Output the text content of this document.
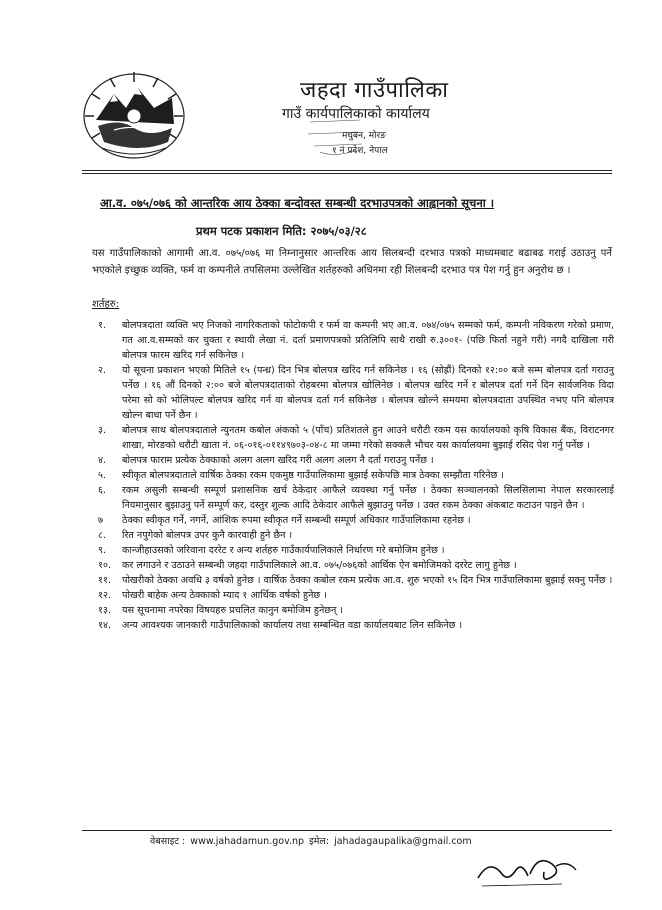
जहदा गाउँपालिका
गाउँ कार्यपालिकाको कार्यालय
मधुबन, मोरङ
१ नं प्रदेश, नेपाल
आ.व. ०७५/०७६ को आन्तरिक आय ठेक्का बन्दोवस्त सम्बन्धी दरभाउपत्रको आह्वानको सूचना ।
प्रथम पटक प्रकाशन मिति: २०७५/०३/२८
यस गाउँपालिकाको आगामी आ.व. ०७५/०७६ मा निम्नानुसार आन्तरिक आय सिलबन्दी दरभाउ पत्रको माध्यमबाट बढाबढ गराई उठाउनु पर्ने भएकोले इच्छुक व्यक्ति, फर्म वा कम्पनीले तपसिलमा उल्लेखित शर्तहरुको अधिनमा रही शिलबन्दी दरभाउ पत्र पेश गर्नु हुन अनुरोध छ ।
शर्तहरु:
१.	बोलपत्रदाता व्यक्ति भए निजको नागरिकताको फोटोकपी र फर्म वा कम्पनी भए आ.व. ०७४/०७५ सम्मको फर्म, कम्पनी नविकरण गरेको प्रमाण, गत आ.व.सम्मको कर चुक्ता र स्थायी लेखा नं. दर्ता प्रमाणपत्रको प्रतिलिपि साथै राखी रु.३००१- (पछि फिर्ता नहुने गरी) नगदै दाखिला गरी बोलपत्र फारम खरिद गर्न सकिनेछ ।
२.	यो सूचना प्रकाशन भएको मितिले १५ (पन्ध्र) दिन भित्र बोलपत्र खरिद गर्न सकिनेछ । १६ (सोह्रौं) दिनको १२:०० बजे सम्म बोलपत्र दर्ता गराउनु पर्नेछ । १६ औं दिनको २:०० बजे बोलपत्रदाताको रोहबरमा बोलपत्र खोलिनेछ । बोलपत्र खरिद गर्ने र बोलपत्र दर्ता गर्ने दिन सार्वजनिक विदा परेमा सो को भोलिपल्ट बोलपत्र खरिद गर्न वा बोलपत्र दर्ता गर्न सकिनेछ । बोलपत्र खोल्ने समयमा बोलपत्रदाता उपस्थित नभए पनि बोलपत्र खोल्न बाधा पर्ने छैन ।
३.	बोलपत्र साथ बोलपत्रदाताले न्युनतम कबोल अंकको ५ (पाँच) प्रतिशतले हुन आउने धरौटी रकम यस कार्यालयको कृषि विकास बैंक, विराटनगर शाखा, मोरङको धरौटी खाता नं. ०६-०१६-०११४९७०३-०४-८ मा जम्मा गरेको सक्कलै भौचर यस कार्यालयमा बुझाई रसिद पेश गर्नु पर्नेछ ।
४.	बोलपत्र फाराम प्रत्येक ठेक्काको अलग अलग खरिद गरी अलग अलग नै दर्ता गराउनु पर्नेछ ।
५.	स्वीकृत बोलपत्रदाताले वार्षिक ठेक्का रकम एकमुष्ठ गाउँपालिकामा बुझाई सकेपछि मात्र ठेक्का सम्झौता गरिनेछ ।
६.	रकम असुली सम्बन्धी सम्पूर्ण प्रशासनिक खर्च ठेकेदार आफैले व्यवस्था गर्नु पर्नेछ । ठेक्का सञ्चालनको सिलसिलामा नेपाल सरकारलाई नियमानुसार बुझाउनु पर्ने सम्पूर्ण कर, दस्तुर शुल्क आदि ठेकेदार आफैले बुझाउनु पर्नेछ । उक्त रकम ठेक्का अंकबाट कटाउन पाइने छैन ।
७	ठेक्का स्वीकृत गर्ने, नगर्ने, आंशिक रुपमा स्वीकृत गर्ने सम्बन्धी सम्पूर्ण अधिकार गाउँपालिकामा रहनेछ ।
८.	रित नपुगेको बोलपत्र उपर कुनै कारवाही हुने छैन ।
९.	कान्जीहाउसको जरिवाना दररेट र अन्य शर्तहरु गाउँकार्यपालिकाले निर्धारण गरे बमोजिम हुनेछ ।
१०.	कर लगाउने र उठाउने सम्बन्धी जहदा गाउँपालिकाले आ.व. ०७५/०७६को आर्थिक ऐन बमोजिमको दररेट लागु हुनेछ ।
११.	पोखरीको ठेक्का अवधि ३ वर्षको हुनेछ । वार्षिक ठेक्का कबोल रकम प्रत्येक आ.व. शुरु भएको १५ दिन भित्र गाउँपालिकामा बुझाई सक्नु पर्नेछ ।
१२.	पोखरी बाहेक अन्य ठेक्काको म्याद १ आर्थिक वर्षको हुनेछ ।
१३.	यस सूचनामा नपरेका विषयहरु प्रचलित कानुन बमोजिम हुनेछन् ।
१४.	अन्य आवश्यक जानकारी गाउँपालिकाको कार्यालय तथा सम्बन्धित वडा कार्यालयबाट लिन सकिनेछ ।
वेबसाइट : www.jahadamun.gov.np इमेल: jahadagaupalika@gmail.com
